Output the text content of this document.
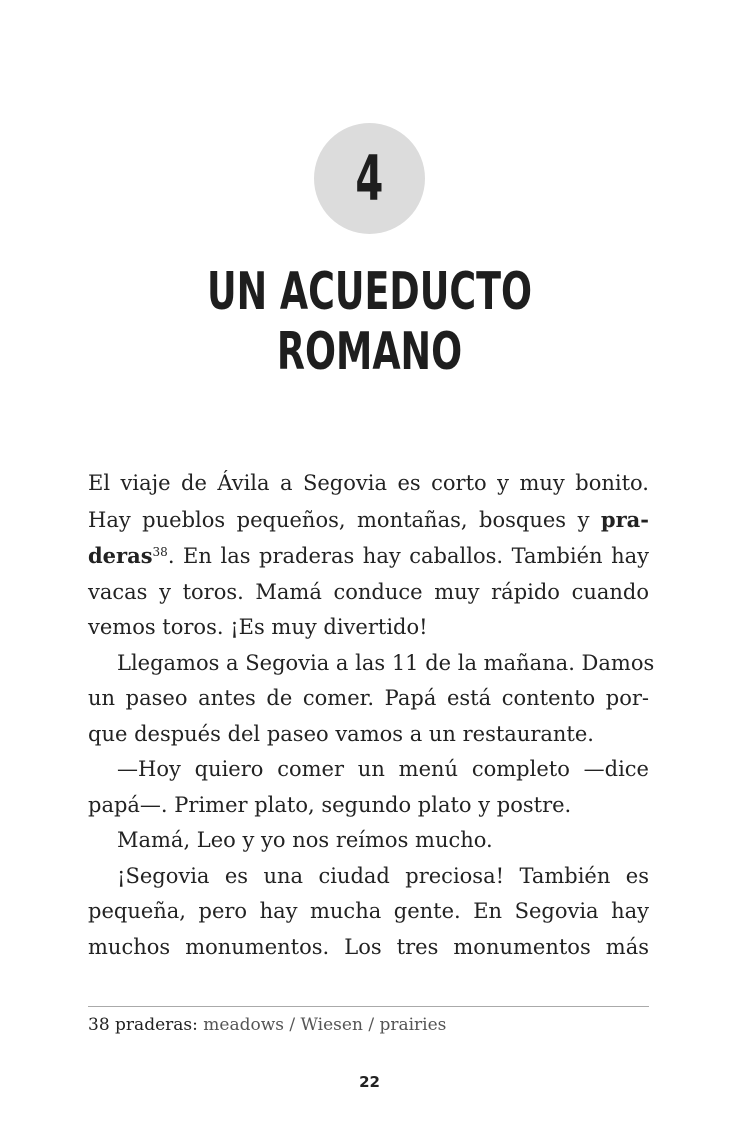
4
UN ACUEDUCTO
ROMANO
El viaje de Ávila a Segovia es corto y muy bonito.
Hay pueblos pequeños, montañas, bosques y pra-
deras$^{38}$. En las praderas hay caballos. También hay
vacas y toros. Mamá conduce muy rápido cuando
vemos toros. ¡Es muy divertido!
Llegamos a Segovia a las 11 de la mañana. Damos
un paseo antes de comer. Papá está contento por-
que después del paseo vamos a un restaurante.
—Hoy quiero comer un menú completo —dice
papá—. Primer plato, segundo plato y postre.
Mamá, Leo y yo nos reímos mucho.
¡Segovia es una ciudad preciosa! También es
pequeña, pero hay mucha gente. En Segovia hay
muchos monumentos. Los tres monumentos más
38 praderas: meadows / Wiesen / prairies
22
